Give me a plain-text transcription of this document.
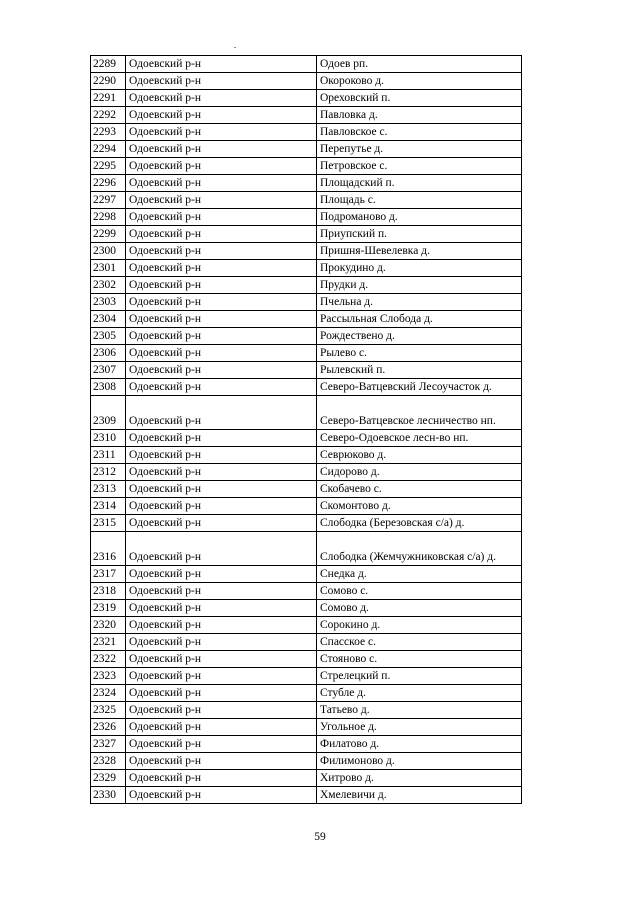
2289	Одоевский р-н	Одоев рп.
2290	Одоевский р-н	Окороково д.
2291	Одоевский р-н	Ореховский п.
2292	Одоевский р-н	Павловка д.
2293	Одоевский р-н	Павловское с.
2294	Одоевский р-н	Перепутье д.
2295	Одоевский р-н	Петровское с.
2296	Одоевский р-н	Площадский п.
2297	Одоевский р-н	Площадь с.
2298	Одоевский р-н	Подроманово д.
2299	Одоевский р-н	Приупский п.
2300	Одоевский р-н	Пришня-Шевелевка д.
2301	Одоевский р-н	Прокудино д.
2302	Одоевский р-н	Прудки д.
2303	Одоевский р-н	Пчельна д.
2304	Одоевский р-н	Рассыльная Слобода д.
2305	Одоевский р-н	Рождествено д.
2306	Одоевский р-н	Рылево с.
2307	Одоевский р-н	Рылевский п.
2308	Одоевский р-н	Северо-Ватцевский Лесоучасток д.
2309	Одоевский р-н	Северо-Ватцевское лесничество нп.
2310	Одоевский р-н	Северо-Одоевское лесн-во нп.
2311	Одоевский р-н	Севрюково д.
2312	Одоевский р-н	Сидорово д.
2313	Одоевский р-н	Скобачево с.
2314	Одоевский р-н	Скомонтово д.
2315	Одоевский р-н	Слободка (Березовская с/а) д.
2316	Одоевский р-н	Слободка (Жемчужниковская с/а) д.
2317	Одоевский р-н	Снедка д.
2318	Одоевский р-н	Сомово с.
2319	Одоевский р-н	Сомово д.
2320	Одоевский р-н	Сорокино д.
2321	Одоевский р-н	Спасское с.
2322	Одоевский р-н	Стояново с.
2323	Одоевский р-н	Стрелецкий п.
2324	Одоевский р-н	Стубле д.
2325	Одоевский р-н	Татьево д.
2326	Одоевский р-н	Угольное д.
2327	Одоевский р-н	Филатово д.
2328	Одоевский р-н	Филимоново д.
2329	Одоевский р-н	Хитрово д.
2330	Одоевский р-н	Хмелевичи д.
59
